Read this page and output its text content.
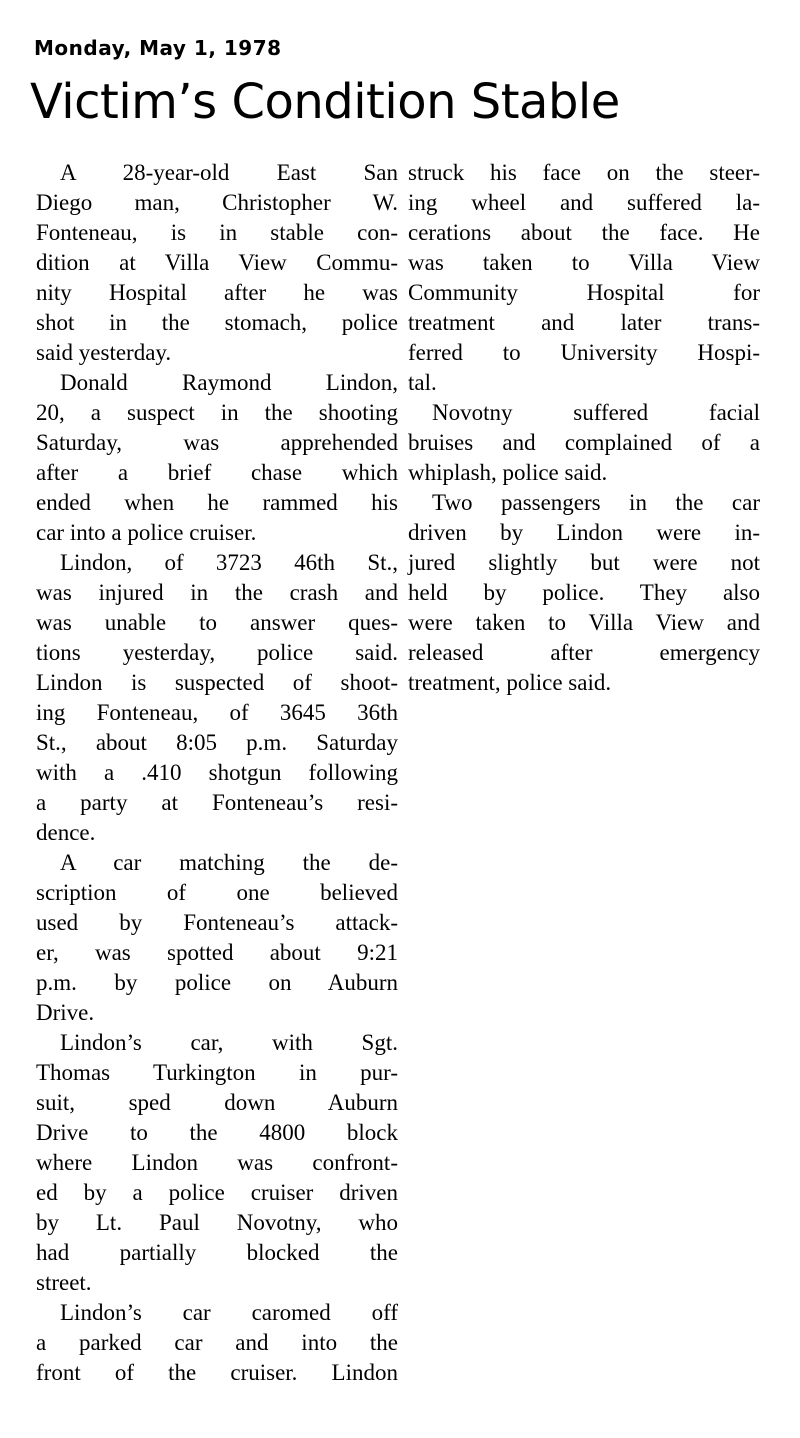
Monday, May 1, 1978
Victim’s Condition Stable
A 28-year-old East San
Diego man, Christopher W.
Fonteneau, is in stable con-
dition at Villa View Commu-
nity Hospital after he was
shot in the stomach, police
said yesterday.
Donald Raymond Lindon,
20, a suspect in the shooting
Saturday, was apprehended
after a brief chase which
ended when he rammed his
car into a police cruiser.
Lindon, of 3723 46th St.,
was injured in the crash and
was unable to answer ques-
tions yesterday, police said.
Lindon is suspected of shoot-
ing Fonteneau, of 3645 36th
St., about 8:05 p.m. Saturday
with a .410 shotgun following
a party at Fonteneau’s resi-
dence.
A car matching the de-
scription of one believed
used by Fonteneau’s attack-
er, was spotted about 9:21
p.m. by police on Auburn
Drive.
Lindon’s car, with Sgt.
Thomas Turkington in pur-
suit, sped down Auburn
Drive to the 4800 block
where Lindon was confront-
ed by a police cruiser driven
by Lt. Paul Novotny, who
had partially blocked the
street.
Lindon’s car caromed off
a parked car and into the
front of the cruiser. Lindon
struck his face on the steer-
ing wheel and suffered la-
cerations about the face. He
was taken to Villa View
Community Hospital for
treatment and later trans-
ferred to University Hospi-
tal.
Novotny suffered facial
bruises and complained of a
whiplash, police said.
Two passengers in the car
driven by Lindon were in-
jured slightly but were not
held by police. They also
were taken to Villa View and
released after emergency
treatment, police said.
